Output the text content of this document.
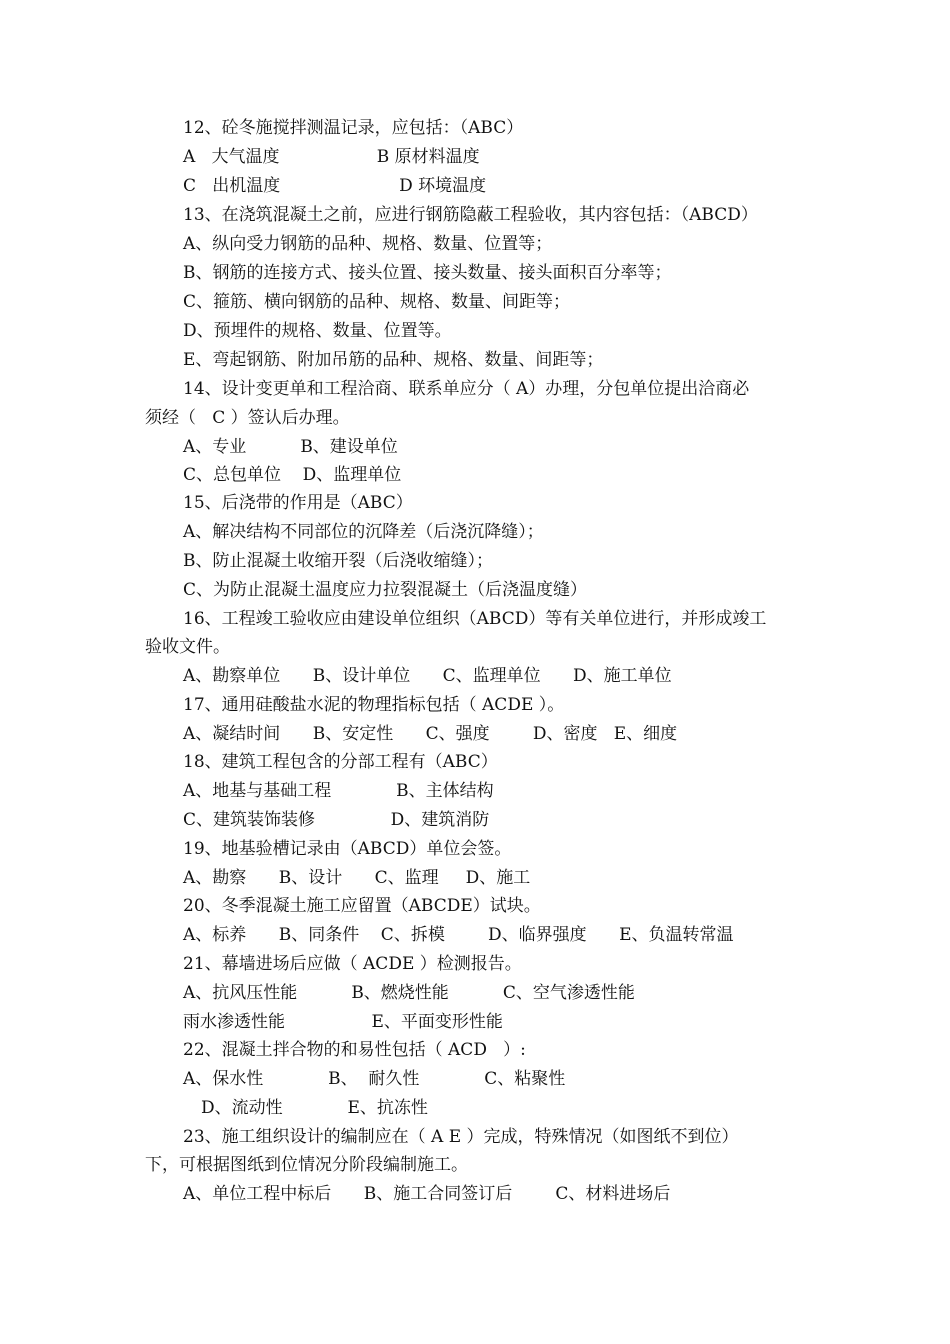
12、砼冬施搅拌测温记录，应包括：（ABC）
A   大气温度                  B 原材料温度
C   出机温度                      D 环境温度
13、在浇筑混凝土之前，应进行钢筋隐蔽工程验收，其内容包括：（ABCD）
A、纵向受力钢筋的品种、规格、数量、位置等；
B、钢筋的连接方式、接头位置、接头数量、接头面积百分率等；
C、箍筋、横向钢筋的品种、规格、数量、间距等；
D、预埋件的规格、数量、位置等。
E、弯起钢筋、附加吊筋的品种、规格、数量、间距等；
14、设计变更单和工程洽商、联系单应分（ A）办理，分包单位提出洽商必
须经（   C ）签认后办理。
A、专业          B、建设单位
C、总包单位    D、监理单位
15、后浇带的作用是（ABC）
A、解决结构不同部位的沉降差（后浇沉降缝）；
B、防止混凝土收缩开裂（后浇收缩缝）；
C、为防止混凝土温度应力拉裂混凝土（后浇温度缝）
16、工程竣工验收应由建设单位组织（ABCD）等有关单位进行，并形成竣工
验收文件。
A、勘察单位      B、设计单位      C、监理单位      D、施工单位
17、通用硅酸盐水泥的物理指标包括（ ACDE ）。
A、凝结时间      B、安定性      C、强度        D、密度   E、细度
18、建筑工程包含的分部工程有（ABC）
A、地基与基础工程            B、主体结构
C、建筑装饰装修              D、建筑消防
19、地基验槽记录由（ABCD）单位会签。
A、勘察      B、设计      C、监理     D、施工
20、冬季混凝土施工应留置（ABCDE）试块。
A、标养      B、同条件    C、拆模        D、临界强度      E、负温转常温
21、幕墙进场后应做（ ACDE ）检测报告。
A、抗风压性能          B、燃烧性能          C、空气渗透性能
雨水渗透性能                E、平面变形性能
22、混凝土拌合物的和易性包括（ ACD   ）:
A、保水性            B、  耐久性            C、粘聚性
D、流动性            E、抗冻性
23、施工组织设计的编制应在（ A E ）完成，特殊情况（如图纸不到位）
下，可根据图纸到位情况分阶段编制施工。
A、单位工程中标后      B、施工合同签订后        C、材料进场后
